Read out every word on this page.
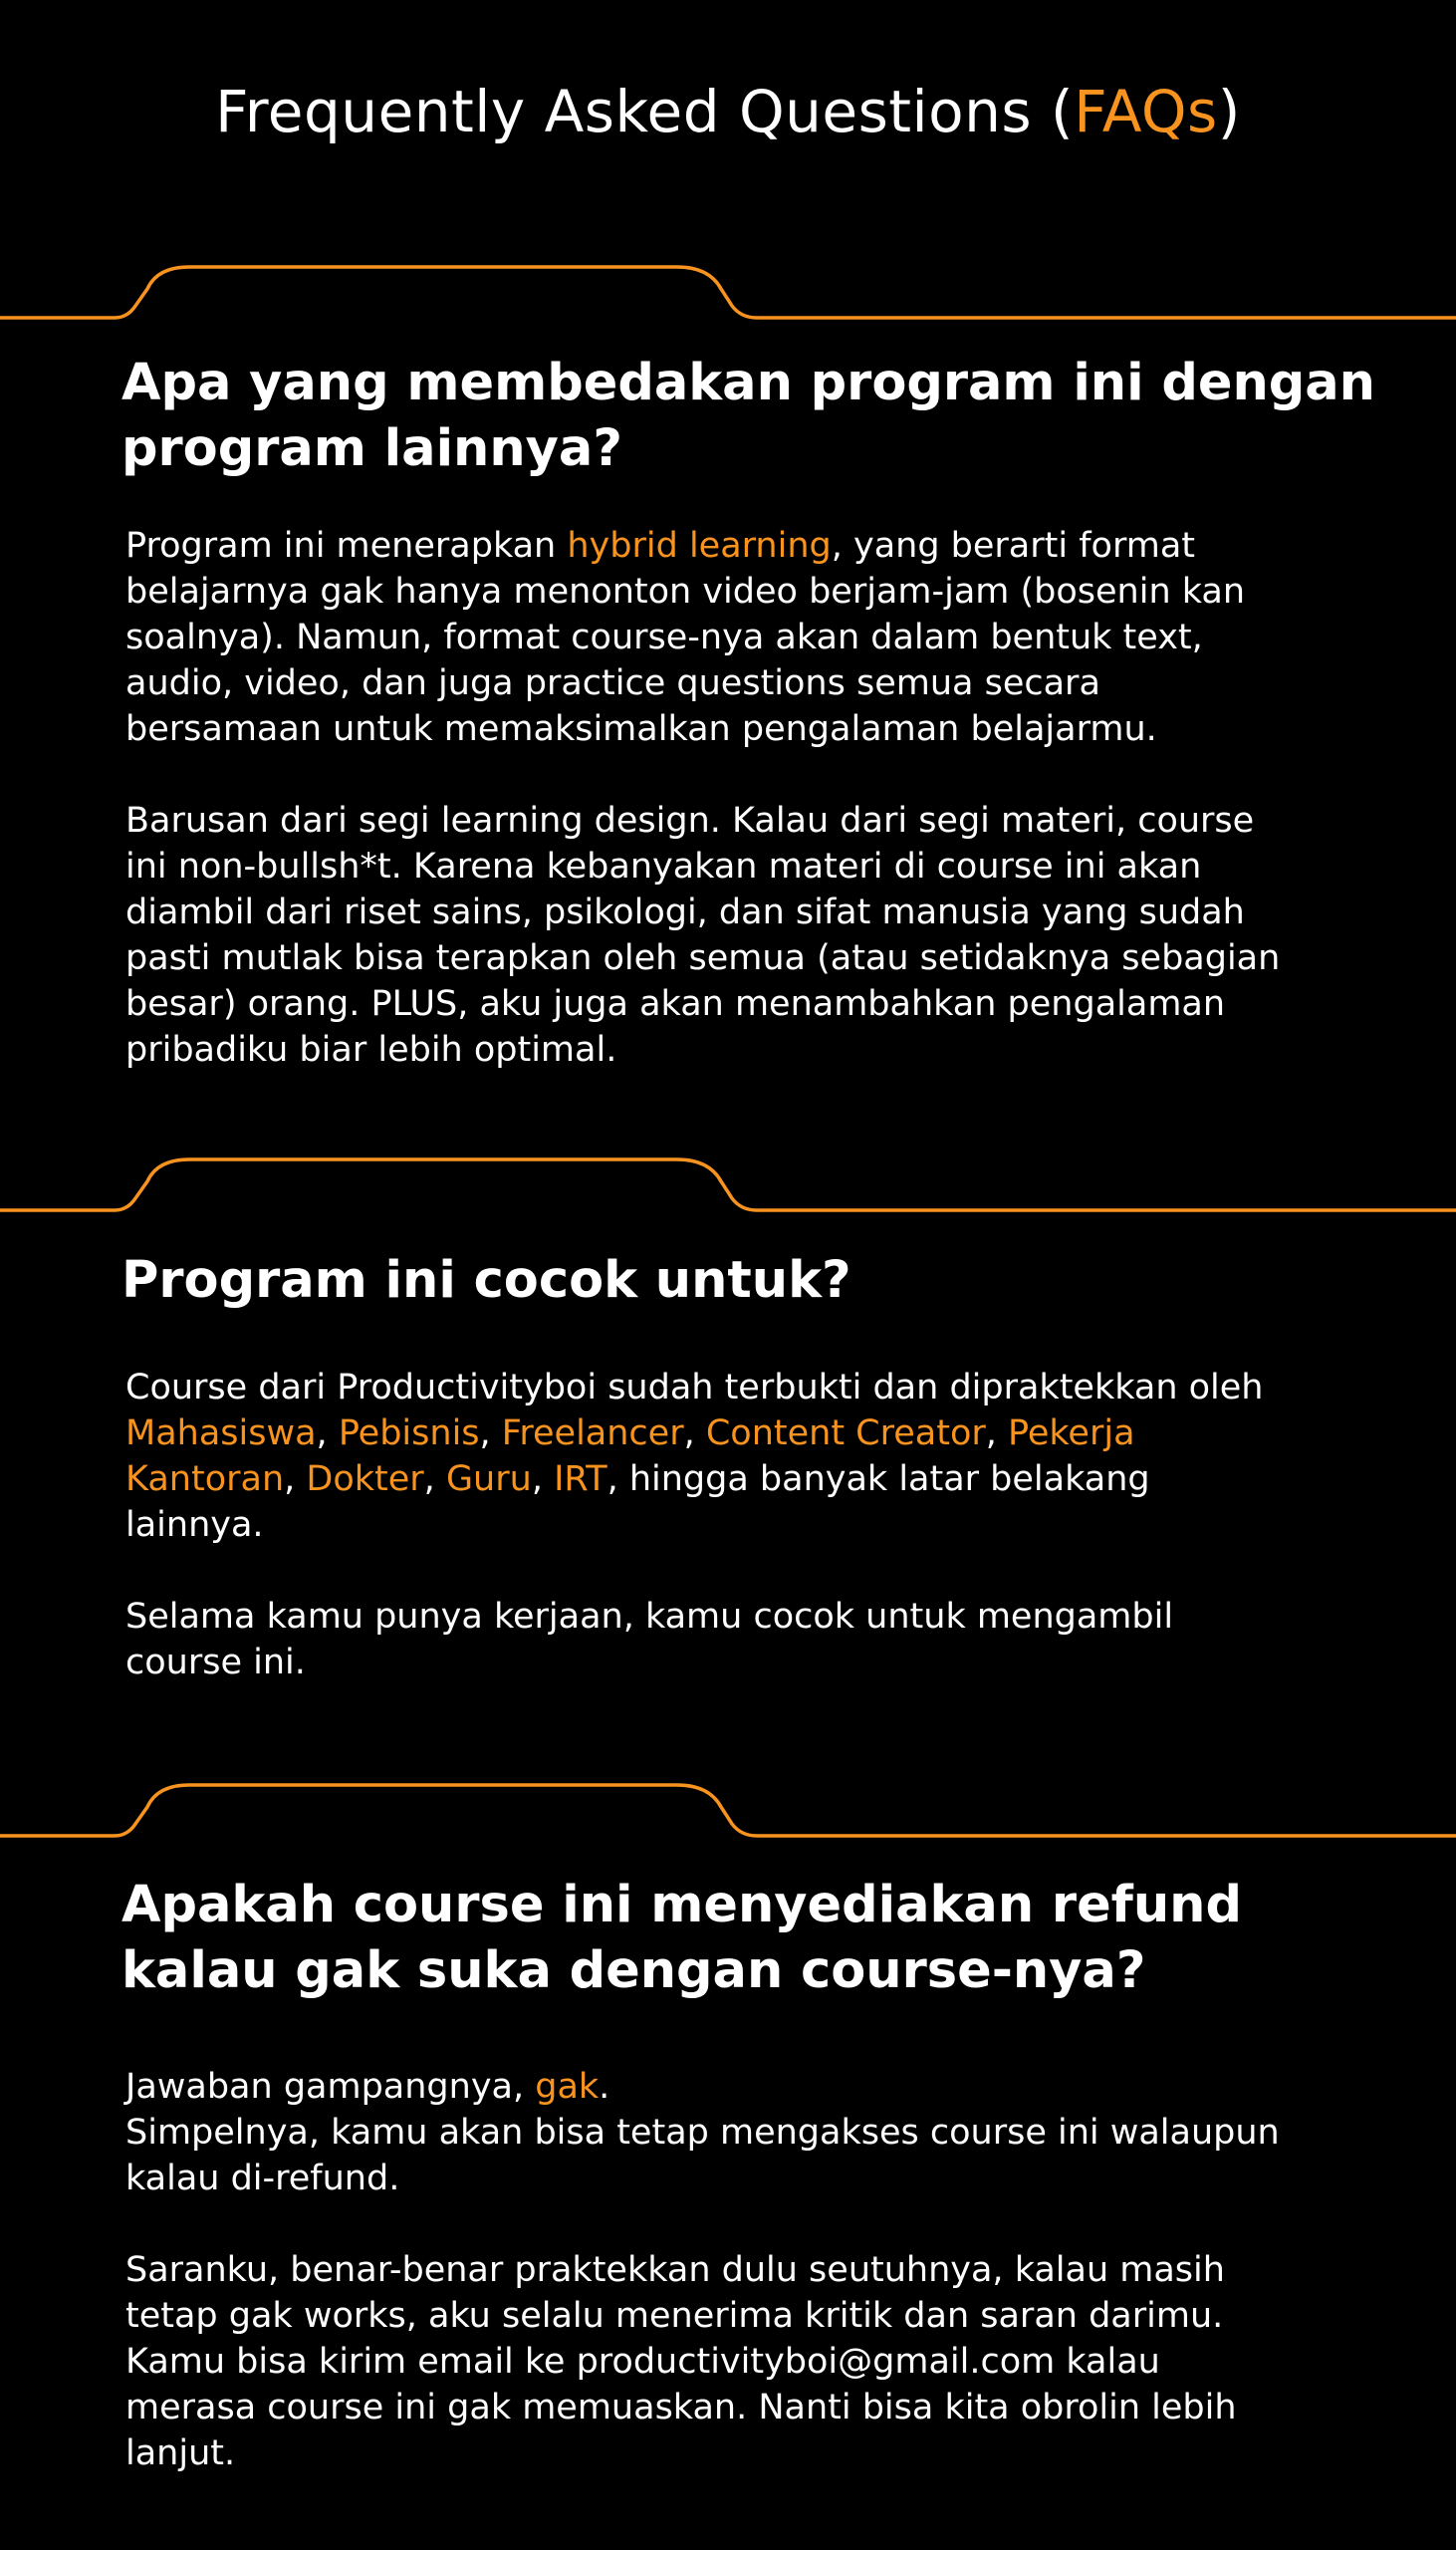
Frequently Asked Questions (FAQs)
Apa yang membedakan program ini dengan
program lainnya?
Program ini menerapkan hybrid learning, yang berarti format
belajarnya gak hanya menonton video berjam-jam (bosenin kan
soalnya). Namun, format course-nya akan dalam bentuk text,
audio, video, dan juga practice questions semua secara
bersamaan untuk memaksimalkan pengalaman belajarmu.
Barusan dari segi learning design. Kalau dari segi materi, course
ini non-bullsh*t. Karena kebanyakan materi di course ini akan
diambil dari riset sains, psikologi, dan sifat manusia yang sudah
pasti mutlak bisa terapkan oleh semua (atau setidaknya sebagian
besar) orang. PLUS, aku juga akan menambahkan pengalaman
pribadiku biar lebih optimal.
Program ini cocok untuk?
Course dari Productivityboi sudah terbukti dan dipraktekkan oleh
Mahasiswa, Pebisnis, Freelancer, Content Creator, Pekerja
Kantoran, Dokter, Guru, IRT, hingga banyak latar belakang
lainnya.
Selama kamu punya kerjaan, kamu cocok untuk mengambil
course ini.
Apakah course ini menyediakan refund
kalau gak suka dengan course-nya?
Jawaban gampangnya, gak.
Simpelnya, kamu akan bisa tetap mengakses course ini walaupun
kalau di-refund.
Saranku, benar-benar praktekkan dulu seutuhnya, kalau masih
tetap gak works, aku selalu menerima kritik dan saran darimu.
Kamu bisa kirim email ke productivityboi@gmail.com kalau
merasa course ini gak memuaskan. Nanti bisa kita obrolin lebih
lanjut.
